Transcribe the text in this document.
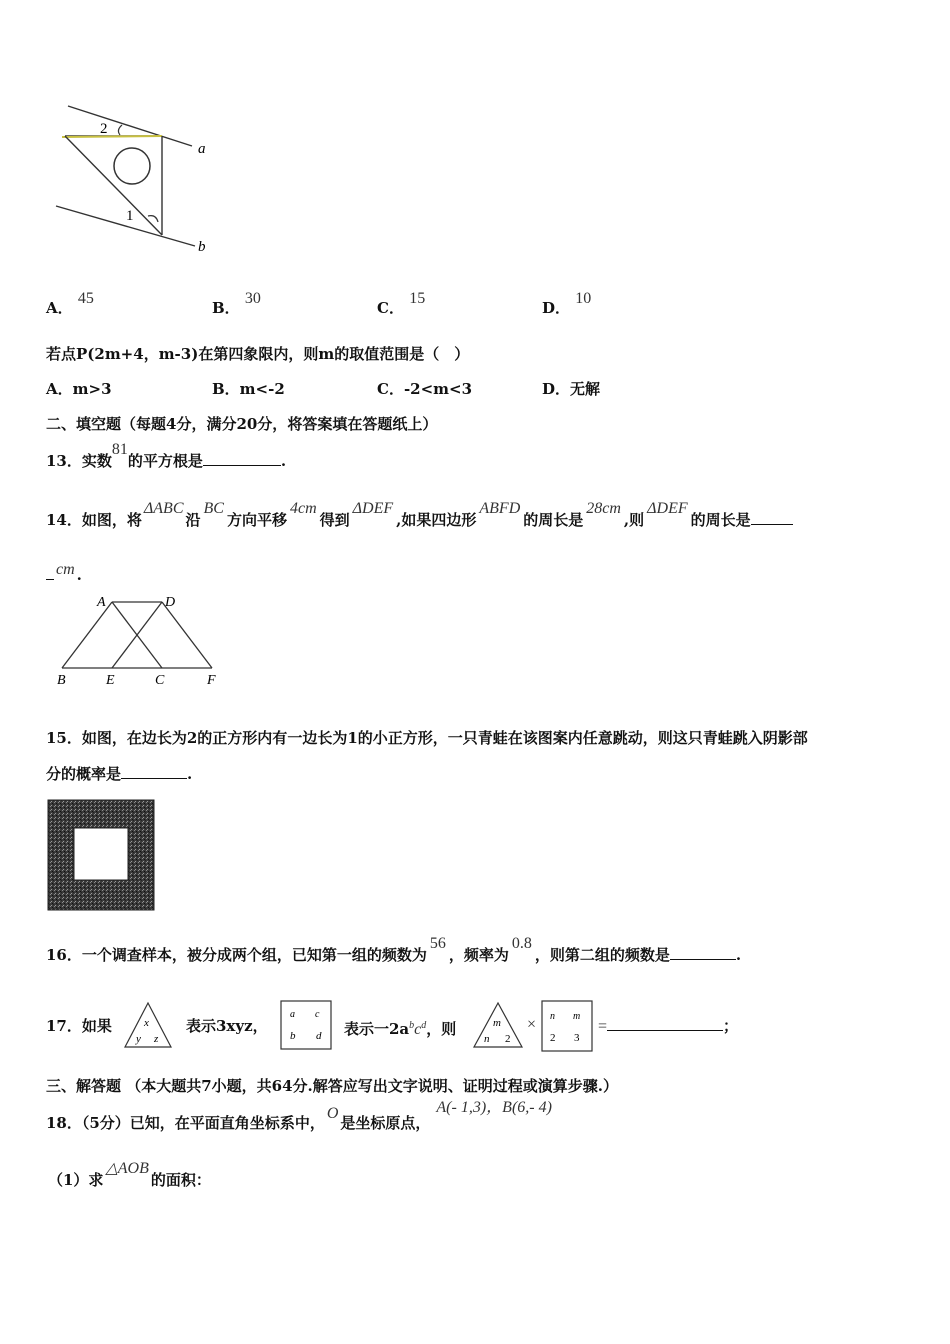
2
1
a
b
A． 45
B． 30
C． 15
D． 10
若点P(2m+4，m-3)在第四象限内，则m的取值范围是（　）
A．m>3	B．m<-2	C．-2<m<3	D．无解
二、填空题（每题4分，满分20分，将答案填在答题纸上）
13．实数81的平方根是	.
14．如图，将ΔABC沿BC方向平移4cm得到ΔDEF,如果四边形ABFD的周长是28cm,则ΔDEF的周长是
cm .
A	D
B	E	C	F
15．如图，在边长为2的正方形内有一边长为1的小正方形，一只青蛙在该图案内任意跳动，则这只青蛙跳入阴影部
分的概率是	.
16．一个调查样本，被分成两个组，已知第一组的频数为56，频率为0.8，则第二组的频数是	.
17．如果	x
y z
表示3xyz，
a c
b d 表示一$2a^bc^d$，则	m
n 2
× n m
2 3
=	；
三、解答题 （本大题共7小题，共64分.解答应写出文字说明、证明过程或演算步骤.）
18．（5分）已知，在平面直角坐标系中，O是坐标原点，A(- 1,3)，B(6,- 4)
（1）求△AOB的面积：
